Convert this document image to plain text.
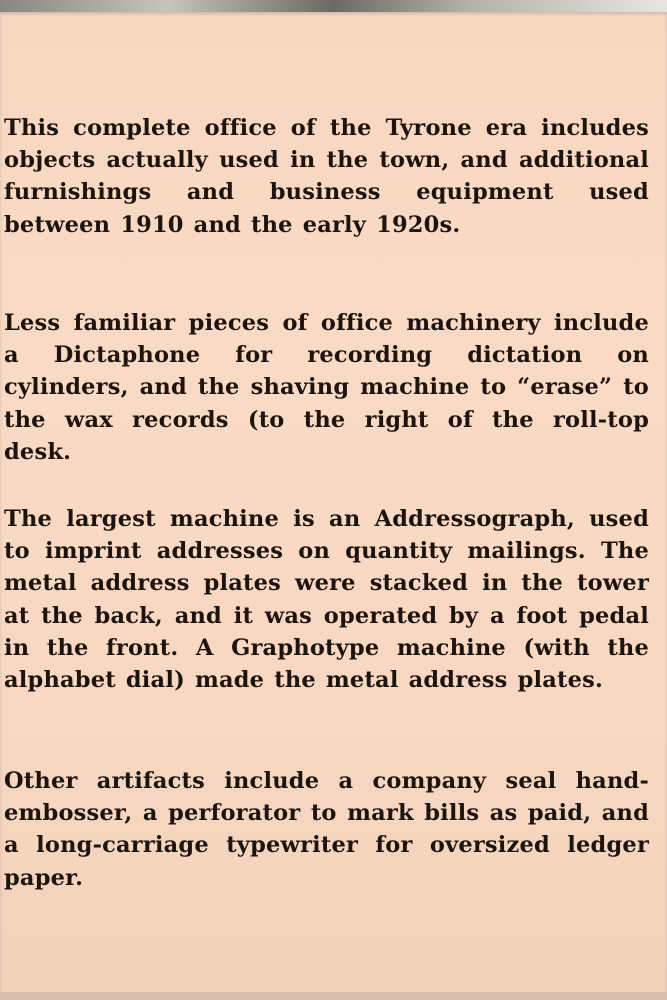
This complete office of the Tyrone era includes objects actually used in the town, and additional furnishings and business equipment used between 1910 and the early 1920s.

Less familiar pieces of office machinery include a Dictaphone for recording dictation on cylinders, and the shaving machine to “erase” to the wax records (to the right of the roll-top desk.

The largest machine is an Addressograph, used to imprint addresses on quantity mailings. The metal address plates were stacked in the tower at the back, and it was operated by a foot pedal in the front. A Graphotype machine (with the alphabet dial) made the metal address plates.

Other artifacts include a company seal hand-embosser, a perforator to mark bills as paid, and a long-carriage typewriter for oversized ledger paper.
